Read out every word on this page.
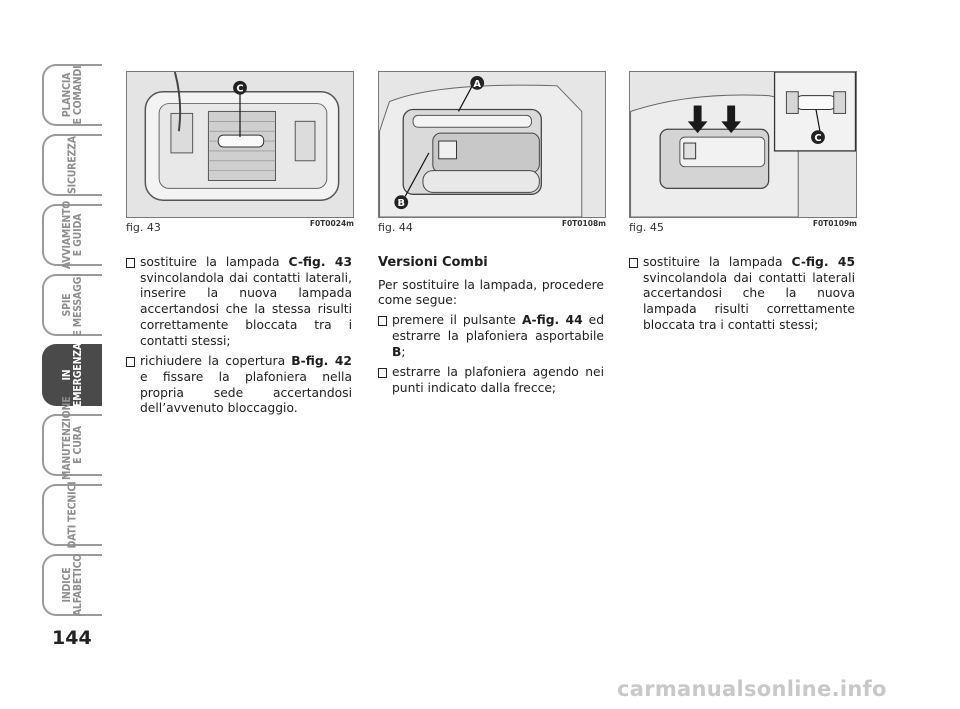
PLANCIA
E COMANDI
SICUREZZA
AVVIAMENTO
E GUIDA
SPIE
E MESSAGGI
IN EMERGENZA
MANUTENZIONE
E CURA
DATI TECNICI
INDICE
ALFABETICO
144
C
fig. 43	F0T0024m
A
B
fig. 44	F0T0108m
C
fig. 45	F0T0109m
sostituire la lampada C-fig. 43 svincolandola dai contatti laterali, inserire la nuova lampada accertandosi che la stessa risulti correttamente bloccata tra i contatti stessi;
richiudere la copertura B-fig. 42 e fissare la plafoniera nella propria sede accertandosi dell’avvenuto bloccaggio.
Versioni Combi

Per sostituire la lampada, procedere come segue:

premere il pulsante A-fig. 44 ed estrarre la plafoniera asportabile B;
estrarre la plafoniera agendo nei punti indicato dalla frecce;
sostituire la lampada C-fig. 45 svincolandola dai contatti laterali accertandosi che la nuova lampada risulti correttamente bloccata tra i contatti stessi;
carmanualsonline.info
